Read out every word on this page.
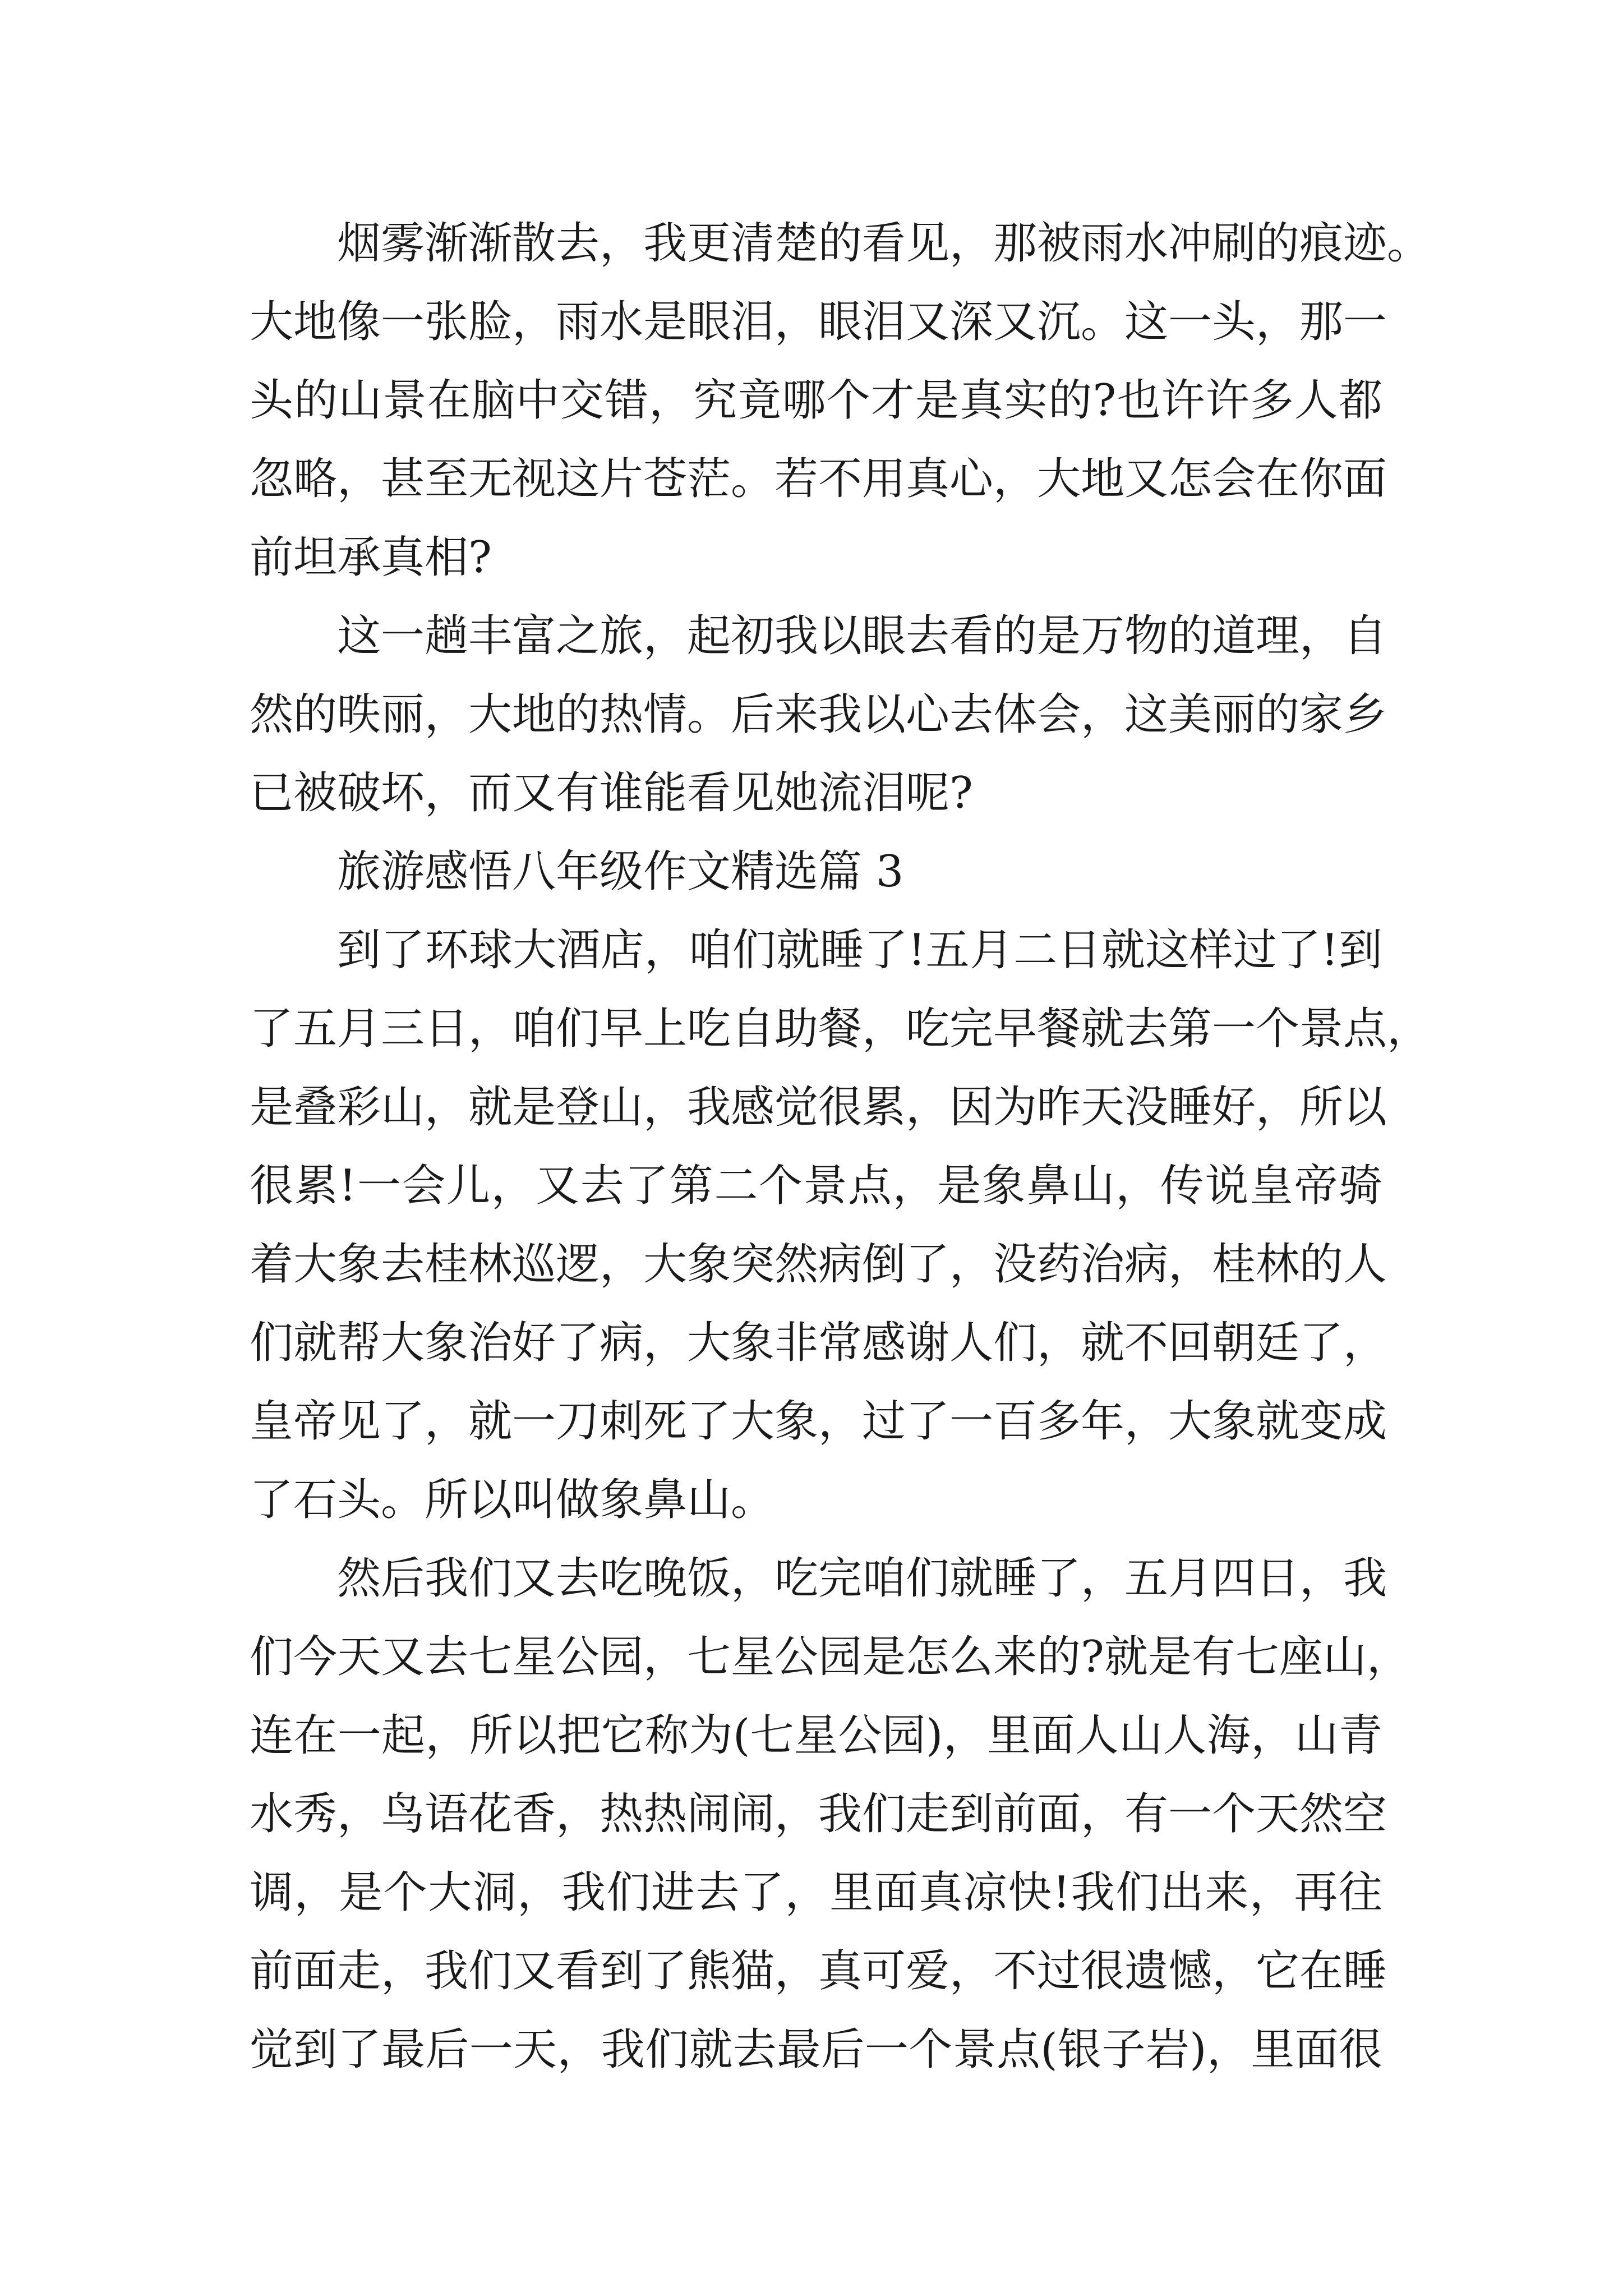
烟雾渐渐散去，我更清楚的看见，那被雨水冲刷的痕迹。
大地像一张脸，雨水是眼泪，眼泪又深又沉。这一头，那一
头的山景在脑中交错，究竟哪个才是真实的?也许许多人都
忽略，甚至无视这片苍茫。若不用真心，大地又怎会在你面
前坦承真相?
这一趟丰富之旅，起初我以眼去看的是万物的道理，自
然的昳丽，大地的热情。后来我以心去体会，这美丽的家乡
已被破坏，而又有谁能看见她流泪呢?
旅游感悟八年级作文精选篇 3
到了环球大酒店，咱们就睡了!五月二日就这样过了!到
了五月三日，咱们早上吃自助餐，吃完早餐就去第一个景点，
是叠彩山，就是登山，我感觉很累，因为昨天没睡好，所以
很累!一会儿，又去了第二个景点，是象鼻山，传说皇帝骑
着大象去桂林巡逻，大象突然病倒了，没药治病，桂林的人
们就帮大象治好了病，大象非常感谢人们，就不回朝廷了，
皇帝见了，就一刀刺死了大象，过了一百多年，大象就变成
了石头。所以叫做象鼻山。
然后我们又去吃晚饭，吃完咱们就睡了，五月四日，我
们今天又去七星公园，七星公园是怎么来的?就是有七座山，
连在一起，所以把它称为(七星公园)，里面人山人海，山青
水秀，鸟语花香，热热闹闹，我们走到前面，有一个天然空
调，是个大洞，我们进去了，里面真凉快!我们出来，再往
前面走，我们又看到了熊猫，真可爱，不过很遗憾，它在睡
觉到了最后一天，我们就去最后一个景点(银子岩)，里面很
